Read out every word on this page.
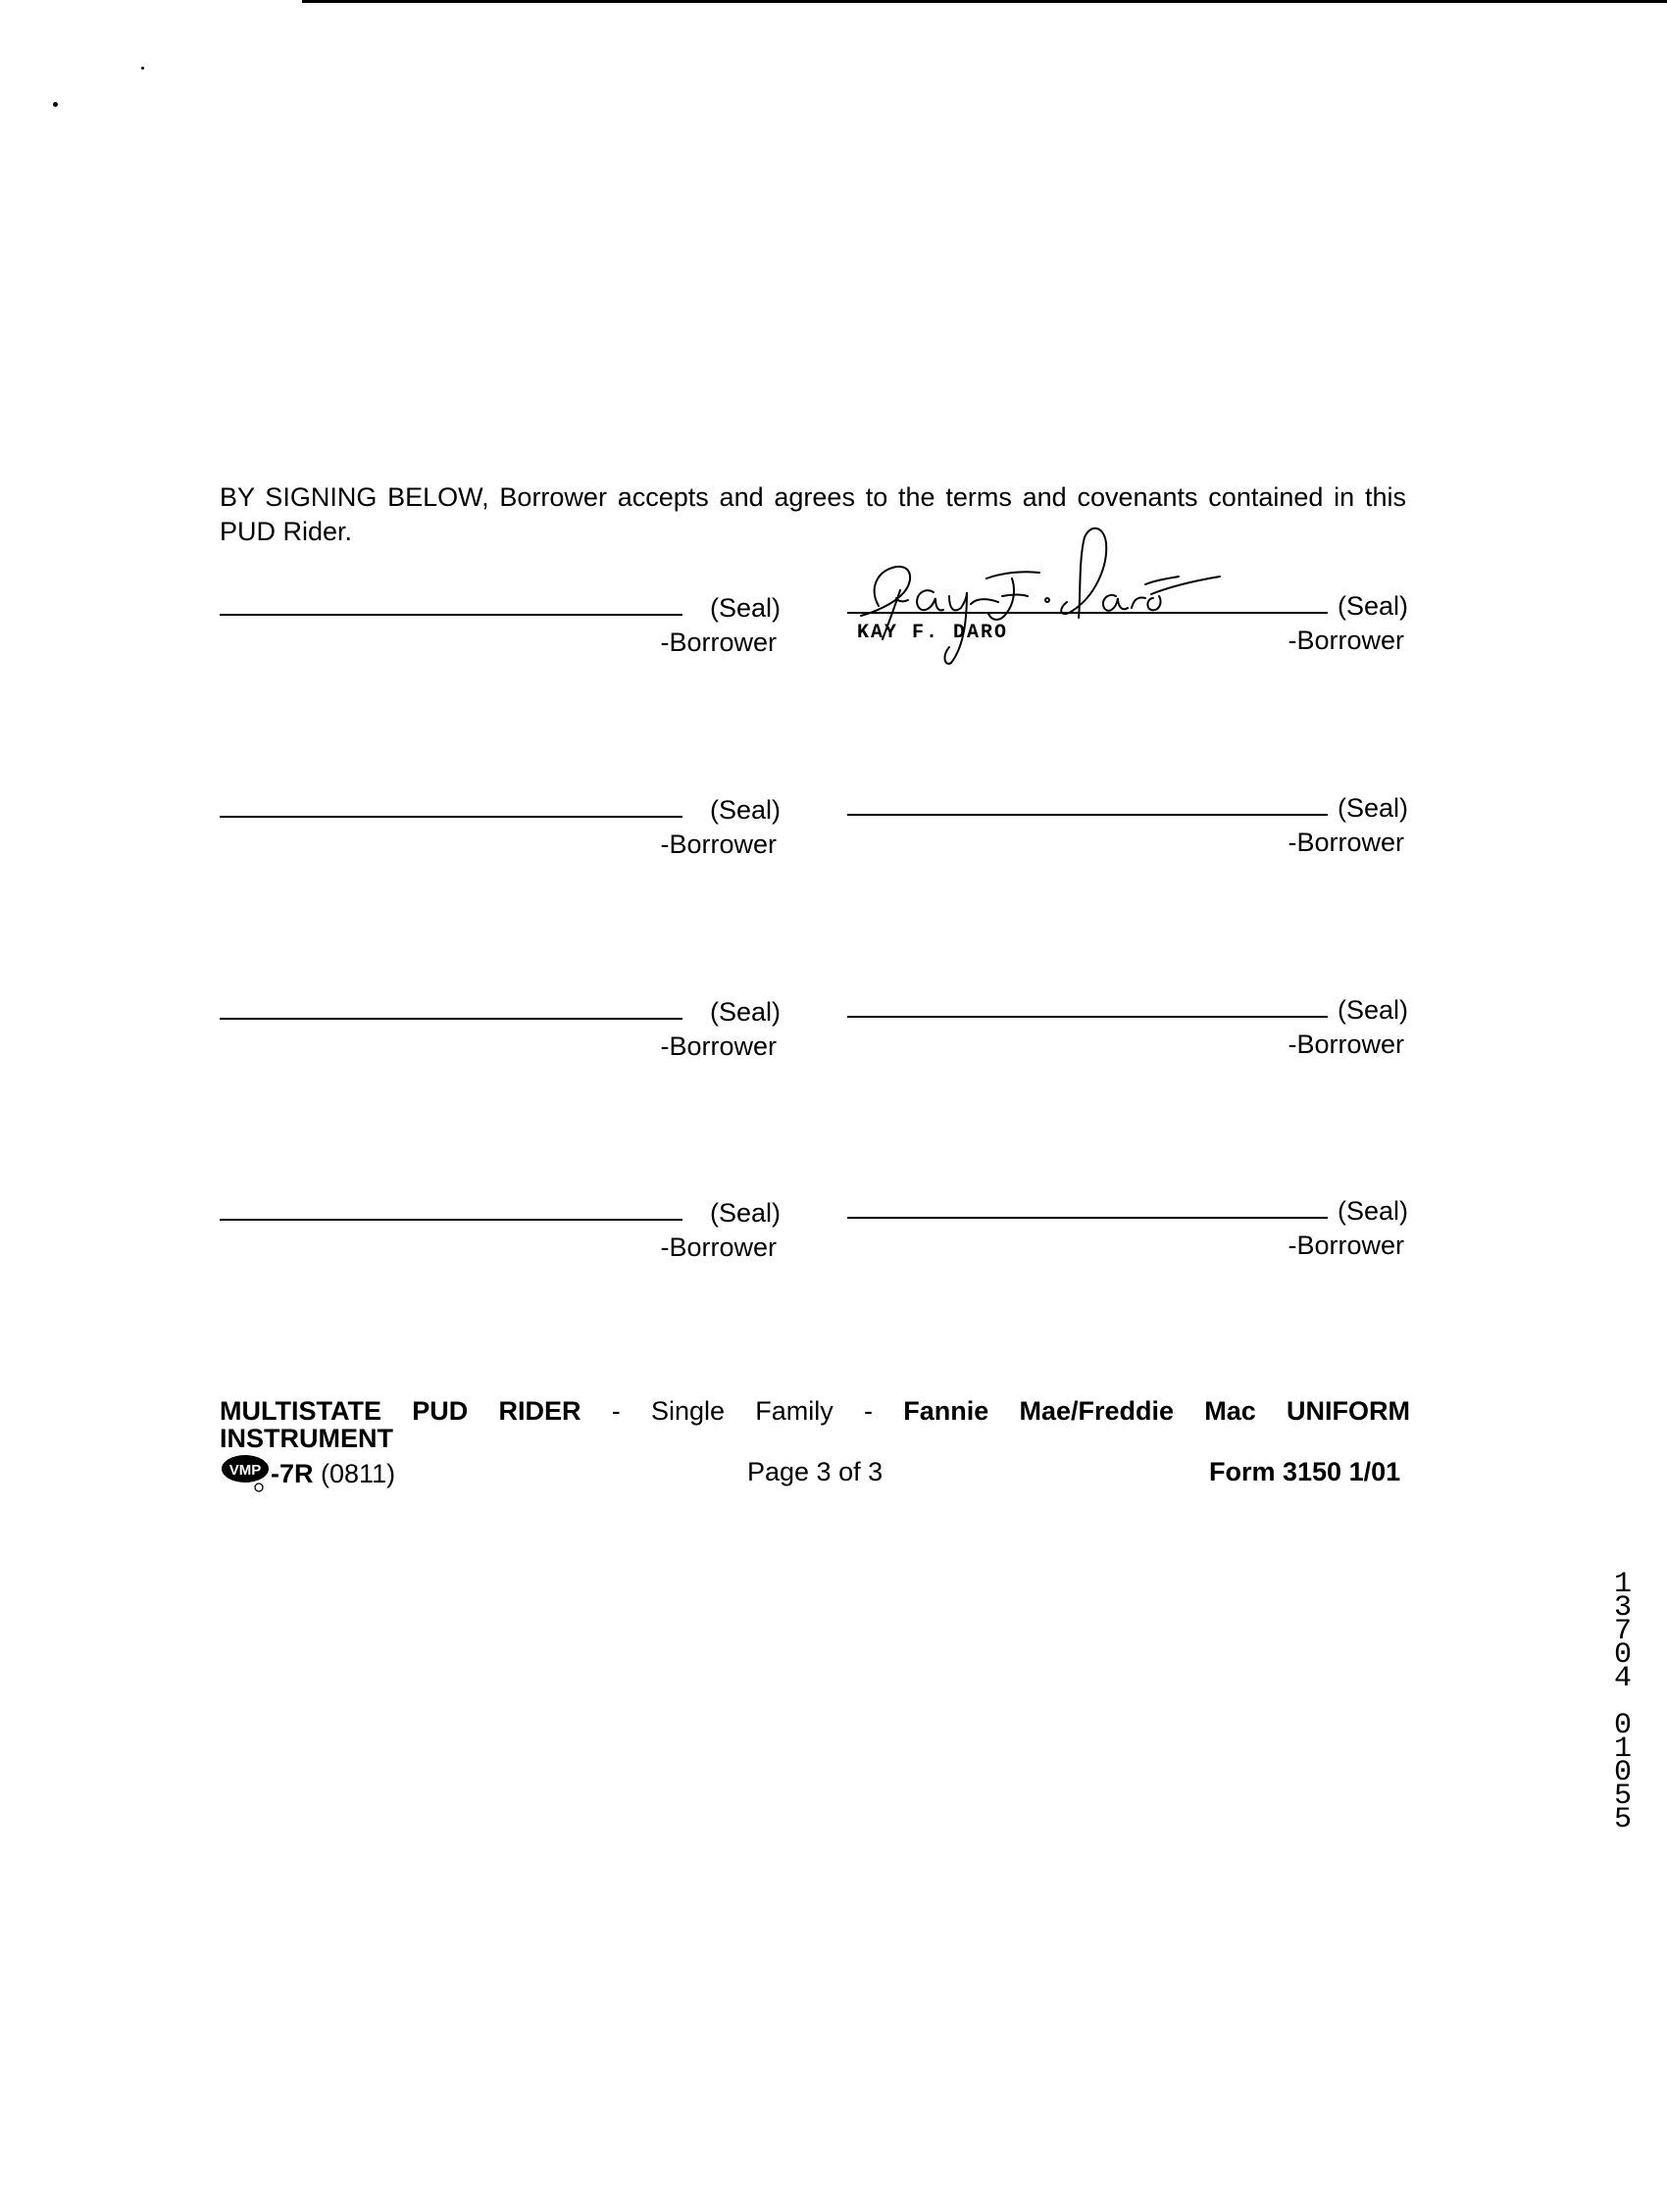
BY SIGNING BELOW, Borrower accepts and agrees to the terms and covenants contained in this PUD Rider.

(Seal)
-Borrower
(Seal)
KAY F. DARO	-Borrower
(Seal)
-Borrower
(Seal)
-Borrower
(Seal)
-Borrower
(Seal)
-Borrower
(Seal)
-Borrower
(Seal)
-Borrower
MULTISTATE PUD RIDER - Single Family - Fannie Mae/Freddie Mac UNIFORM
INSTRUMENT
VMP -7R (0811)	Page 3 of 3	Form 3150 1/01
1
3
7
0
4
0
1
0
5
5
